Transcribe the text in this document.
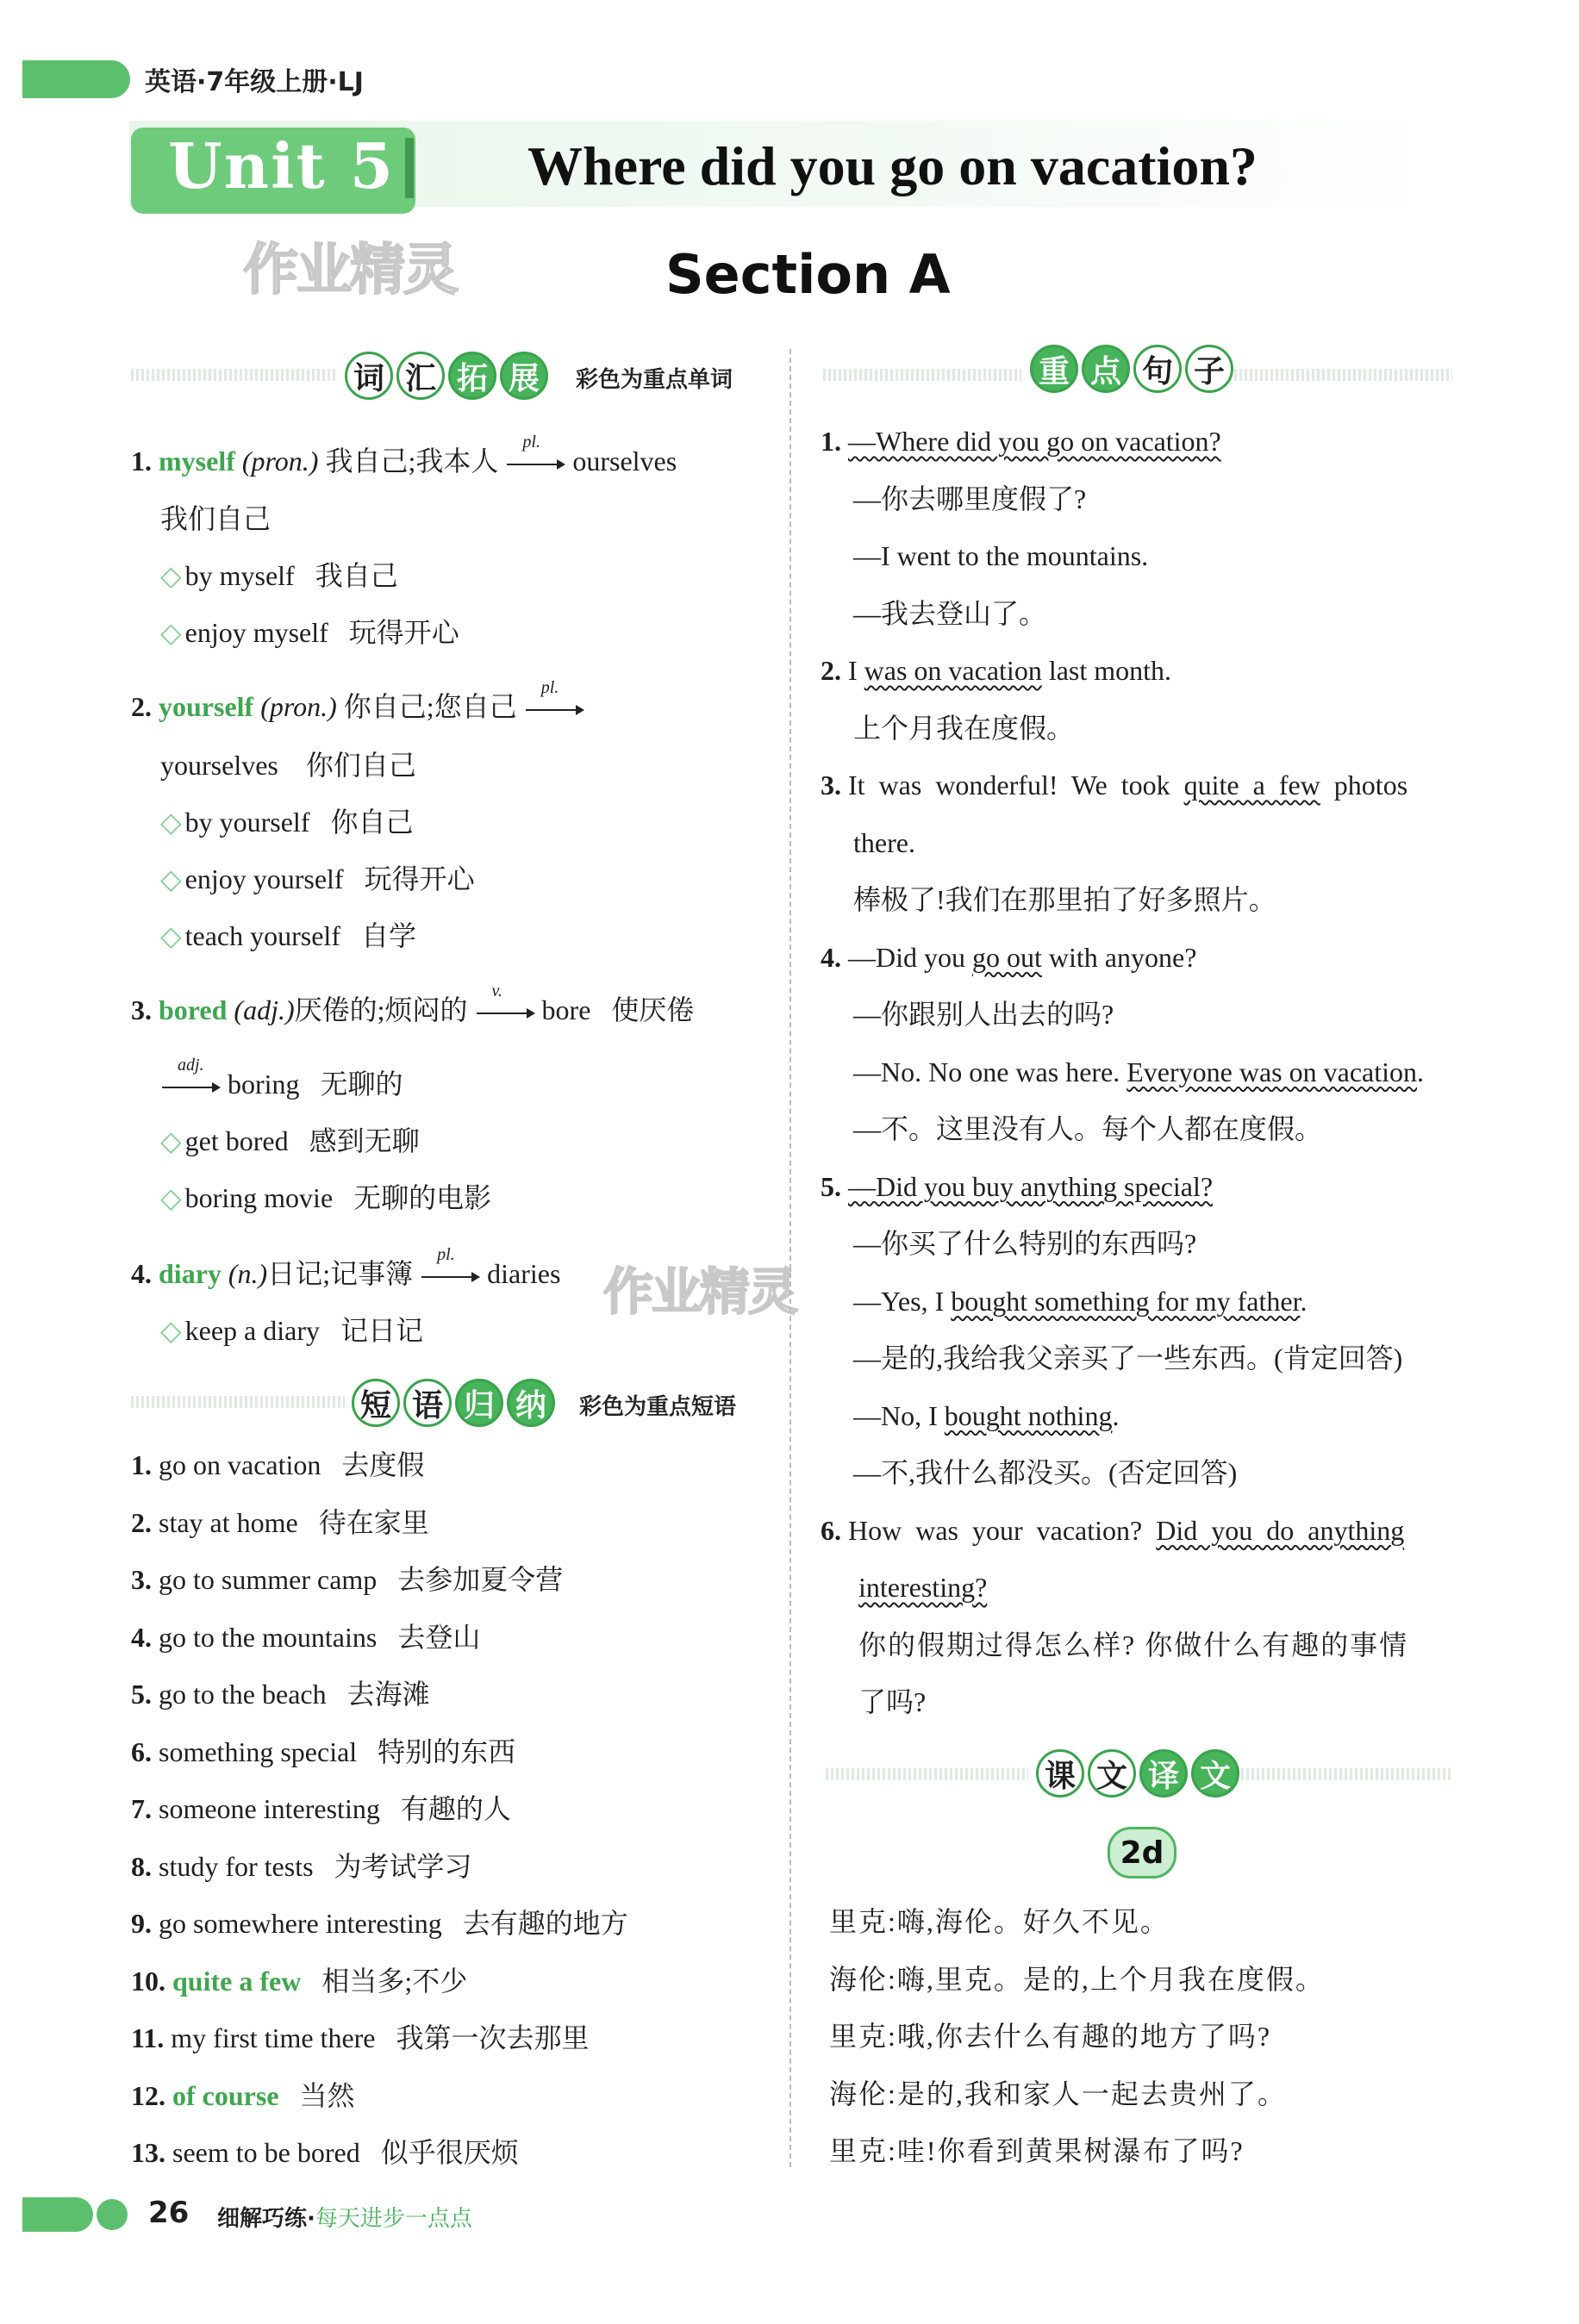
英语·7年级上册·LJ
Unit 5 Where did you go on vacation?
Section A
作业精灵
作业精灵
词 汇 拓 展	彩色为重点单词
1. myself (pron.) 我自己;我本人
pl.
ourselves
我们自己
◇ by myself 我自己
◇ enjoy myself 玩得开心
2. yourself (pron.) 你自己;您自己
pl.
yourselves 你们自己
◇ by yourself 你自己
◇ enjoy yourself 玩得开心
◇ teach yourself 自学
3. bored (adj.)厌倦的;烦闷的
v.
bore 使厌倦
adj.
boring 无聊的
◇ get bored 感到无聊
◇ boring movie 无聊的电影
4. diary (n.)日记;记事簿
pl.
diaries
◇ keep a diary 记日记
短 语 归 纳	彩色为重点短语
1. go on vacation 去度假
2. stay at home 待在家里
3. go to summer camp 去参加夏令营
4. go to the mountains 去登山
5. go to the beach 去海滩
6. something special 特别的东西
7. someone interesting 有趣的人
8. study for tests 为考试学习
9. go somewhere interesting 去有趣的地方
10. quite a few 相当多;不少
11. my first time there 我第一次去那里
12. of course 当然
13. seem to be bored 似乎很厌烦
重 点 句 子
1. —Where did you go on vacation?
—你去哪里度假了?
—I went to the mountains.
—我去登山了。
2. I was on vacation last month.
上个月我在度假。
3. It  was  wonderful!  We  took  quite  a  few  photos
there.
棒极了!我们在那里拍了好多照片。
4. —Did you go out with anyone?
—你跟别人出去的吗?
—No. No one was here. Everyone was on vacation.
—不。这里没有人。每个人都在度假。
5. —Did you buy anything special?
—你买了什么特别的东西吗?
—Yes, I bought something for my father.
—是的,我给我父亲买了一些东西。(肯定回答)
—No, I bought nothing.
—不,我什么都没买。(否定回答)
6. How  was  your  vacation?  Did  you  do  anything
interesting?
你的假期过得怎么样? 你做什么有趣的事情
了吗?
课 文 译 文
2d
里克:嗨,海伦。好久不见。
海伦:嗨,里克。是的,上个月我在度假。
里克:哦,你去什么有趣的地方了吗?
海伦:是的,我和家人一起去贵州了。
里克:哇!你看到黄果树瀑布了吗?
26 细解巧练·每天进步一点点
